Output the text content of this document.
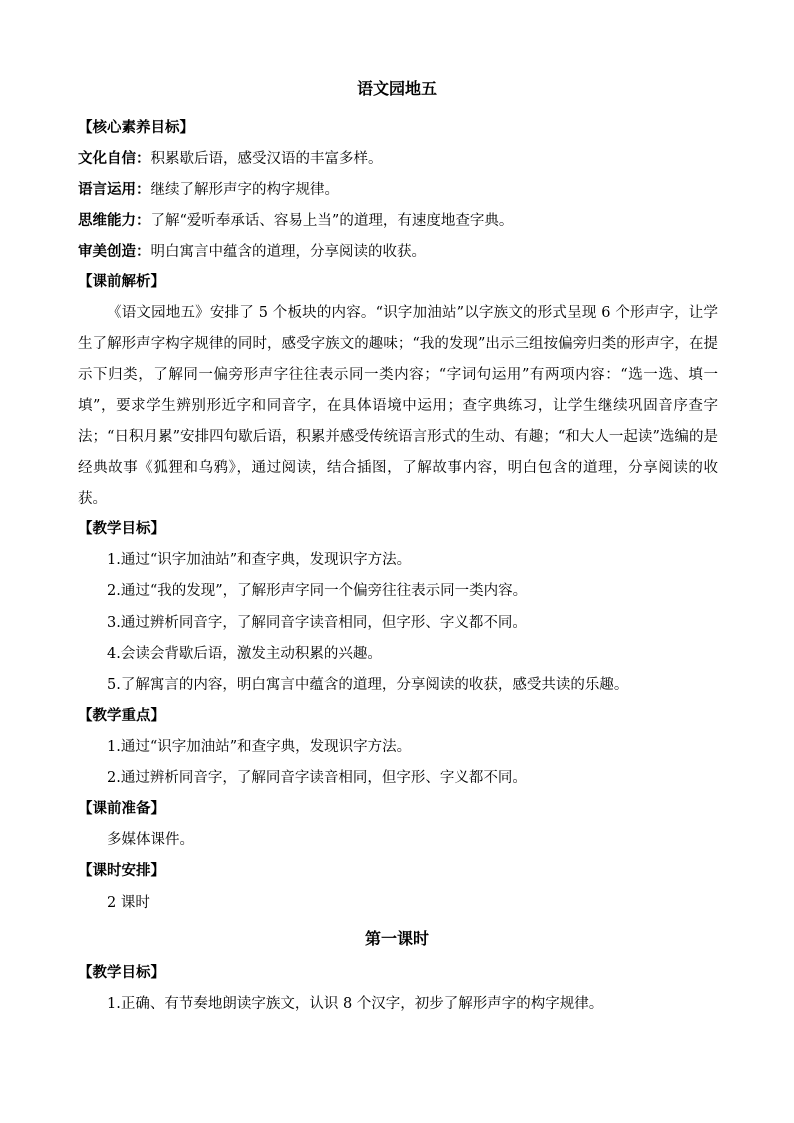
语文园地五
【核心素养目标】
文化自信：积累歇后语，感受汉语的丰富多样。
语言运用：继续了解形声字的构字规律。
思维能力：了解“爱听奉承话、容易上当”的道理，有速度地查字典。
审美创造：明白寓言中蕴含的道理，分享阅读的收获。
【课前解析】
《语文园地五》安排了 5 个板块的内容。“识字加油站”以字族文的形式呈现 6 个形声字，让学生了解形声字构字规律的同时，感受字族文的趣味；“我的发现”出示三组按偏旁归类的形声字，在提示下归类，了解同一偏旁形声字往往表示同一类内容；“字词句运用”有两项内容：“选一选、填一填”，要求学生辨别形近字和同音字，在具体语境中运用；查字典练习，让学生继续巩固音序查字法；“日积月累”安排四句歇后语，积累并感受传统语言形式的生动、有趣；“和大人一起读”选编的是经典故事《狐狸和乌鸦》，通过阅读，结合插图，了解故事内容，明白包含的道理，分享阅读的收获。
【教学目标】
1.通过“识字加油站”和查字典，发现识字方法。
2.通过“我的发现”，了解形声字同一个偏旁往往表示同一类内容。
3.通过辨析同音字，了解同音字读音相同，但字形、字义都不同。
4.会读会背歇后语，激发主动积累的兴趣。
5.了解寓言的内容，明白寓言中蕴含的道理，分享阅读的收获，感受共读的乐趣。
【教学重点】
1.通过“识字加油站”和查字典，发现识字方法。
2.通过辨析同音字，了解同音字读音相同，但字形、字义都不同。
【课前准备】
多媒体课件。
【课时安排】
2 课时
第一课时
【教学目标】
1.正确、有节奏地朗读字族文，认识 8 个汉字，初步了解形声字的构字规律。
